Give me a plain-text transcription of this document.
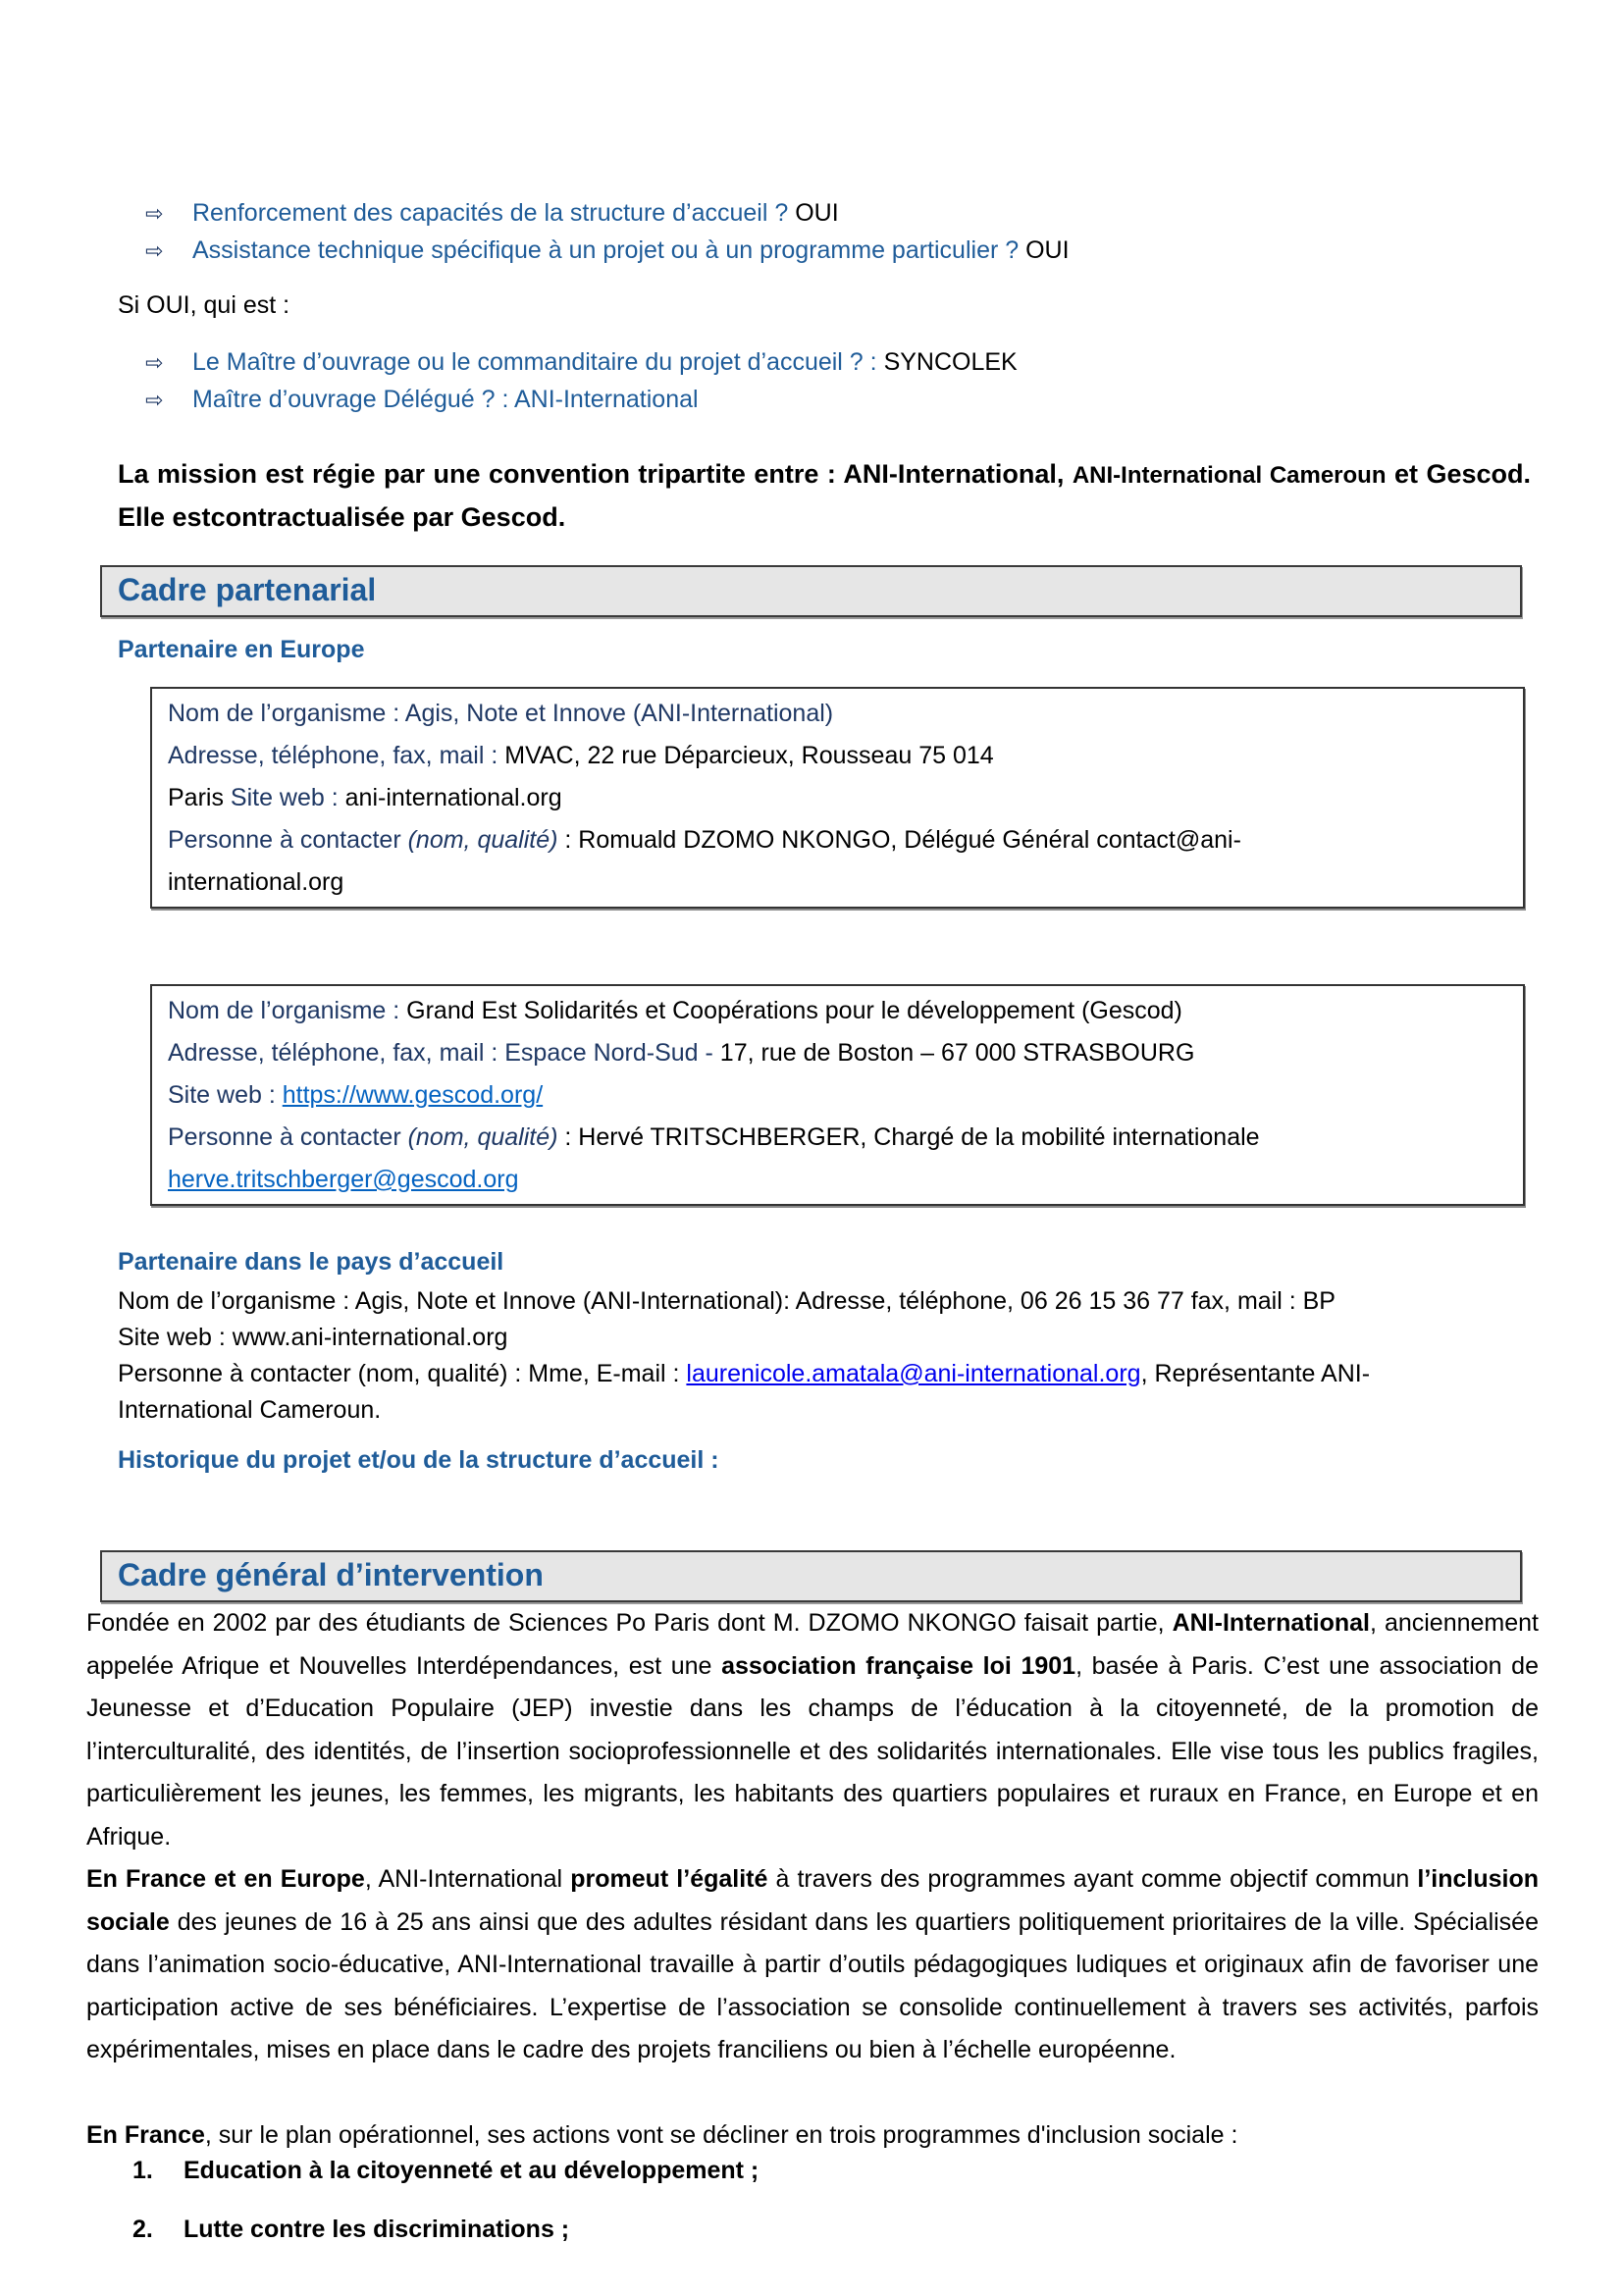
⇨ Renforcement des capacités de la structure d’accueil ? OUI
⇨ Assistance technique spécifique à un projet ou à un programme particulier ? OUI
Si OUI, qui est :
⇨ Le Maître d’ouvrage ou le commanditaire du projet d’accueil ? : SYNCOLEK
⇨ Maître d’ouvrage Délégué ? : ANI-International
La mission est régie par une convention tripartite entre : ANI-International, ANI-International Cameroun et Gescod. Elle estcontractualisée par Gescod.
Cadre partenarial
Partenaire en Europe
Nom de l’organisme : Agis, Note et Innove (ANI-International)
Adresse, téléphone, fax, mail : MVAC, 22 rue Déparcieux, Rousseau 75 014
Paris Site web : ani-international.org
Personne à contacter (nom, qualité) : Romuald DZOMO NKONGO, Délégué Général contact@ani-
international.org
Nom de l’organisme : Grand Est Solidarités et Coopérations pour le développement (Gescod)
Adresse, téléphone, fax, mail : Espace Nord-Sud - 17, rue de Boston – 67 000 STRASBOURG
Site web : https://www.gescod.org/
Personne à contacter (nom, qualité) : Hervé TRITSCHBERGER, Chargé de la mobilité internationale
herve.tritschberger@gescod.org
Partenaire dans le pays d’accueil
Nom de l’organisme : Agis, Note et Innove (ANI-International): Adresse, téléphone, 06 26 15 36 77 fax, mail : BP
Site web : www.ani-international.org
Personne à contacter (nom, qualité) : Mme, E-mail : laurenicole.amatala@ani-international.org, Représentante ANI-
International Cameroun.
Historique du projet et/ou de la structure d’accueil :
Cadre général d’intervention
Fondée en 2002 par des étudiants de Sciences Po Paris dont M. DZOMO NKONGO faisait partie, ANI-International, anciennement appelée Afrique et Nouvelles Interdépendances, est une association française loi 1901, basée à Paris. C’est une association de Jeunesse et d’Education Populaire (JEP) investie dans les champs de l’éducation à la citoyenneté, de la promotion de l’interculturalité, des identités, de l’insertion socioprofessionnelle et des solidarités internationales. Elle vise tous les publics fragiles, particulièrement les jeunes, les femmes, les migrants, les habitants des quartiers populaires et ruraux en France, en Europe et en Afrique.
En France et en Europe, ANI-International promeut l’égalité à travers des programmes ayant comme objectif commun l’inclusion sociale des jeunes de 16 à 25 ans ainsi que des adultes résidant dans les quartiers politiquement prioritaires de la ville. Spécialisée dans l’animation socio-éducative, ANI-International travaille à partir d’outils pédagogiques ludiques et originaux afin de favoriser une participation active de ses bénéficiaires. L’expertise de l’association se consolide continuellement à travers ses activités, parfois expérimentales, mises en place dans le cadre des projets franciliens ou bien à l’échelle européenne.
En France, sur le plan opérationnel, ses actions vont se décliner en trois programmes d'inclusion sociale :
1. Education à la citoyenneté et au développement ;
2. Lutte contre les discriminations ;
